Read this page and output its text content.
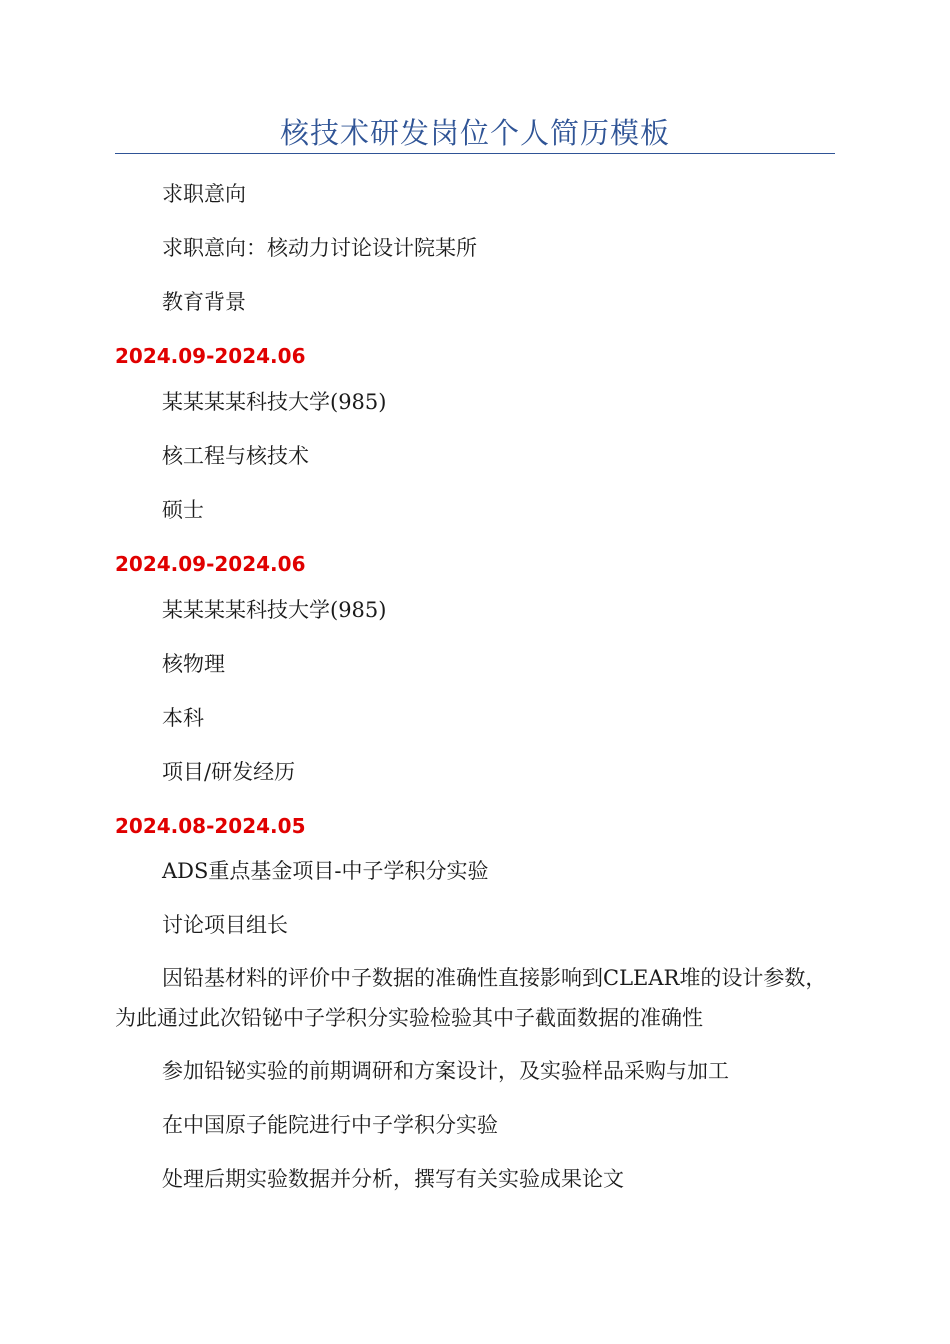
核技术研发岗位个人简历模板
求职意向
求职意向：核动力讨论设计院某所
教育背景
2024.09-2024.06
某某某某科技大学(985)
核工程与核技术
硕士
2024.09-2024.06
某某某某科技大学(985)
核物理
本科
项目/研发经历
2024.08-2024.05
ADS重点基金项目-中子学积分实验
讨论项目组长
因铅基材料的评价中子数据的准确性直接影响到CLEAR堆的设计参数，为此通过此次铅铋中子学积分实验检验其中子截面数据的准确性
参加铅铋实验的前期调研和方案设计，及实验样品采购与加工
在中国原子能院进行中子学积分实验
处理后期实验数据并分析，撰写有关实验成果论文
